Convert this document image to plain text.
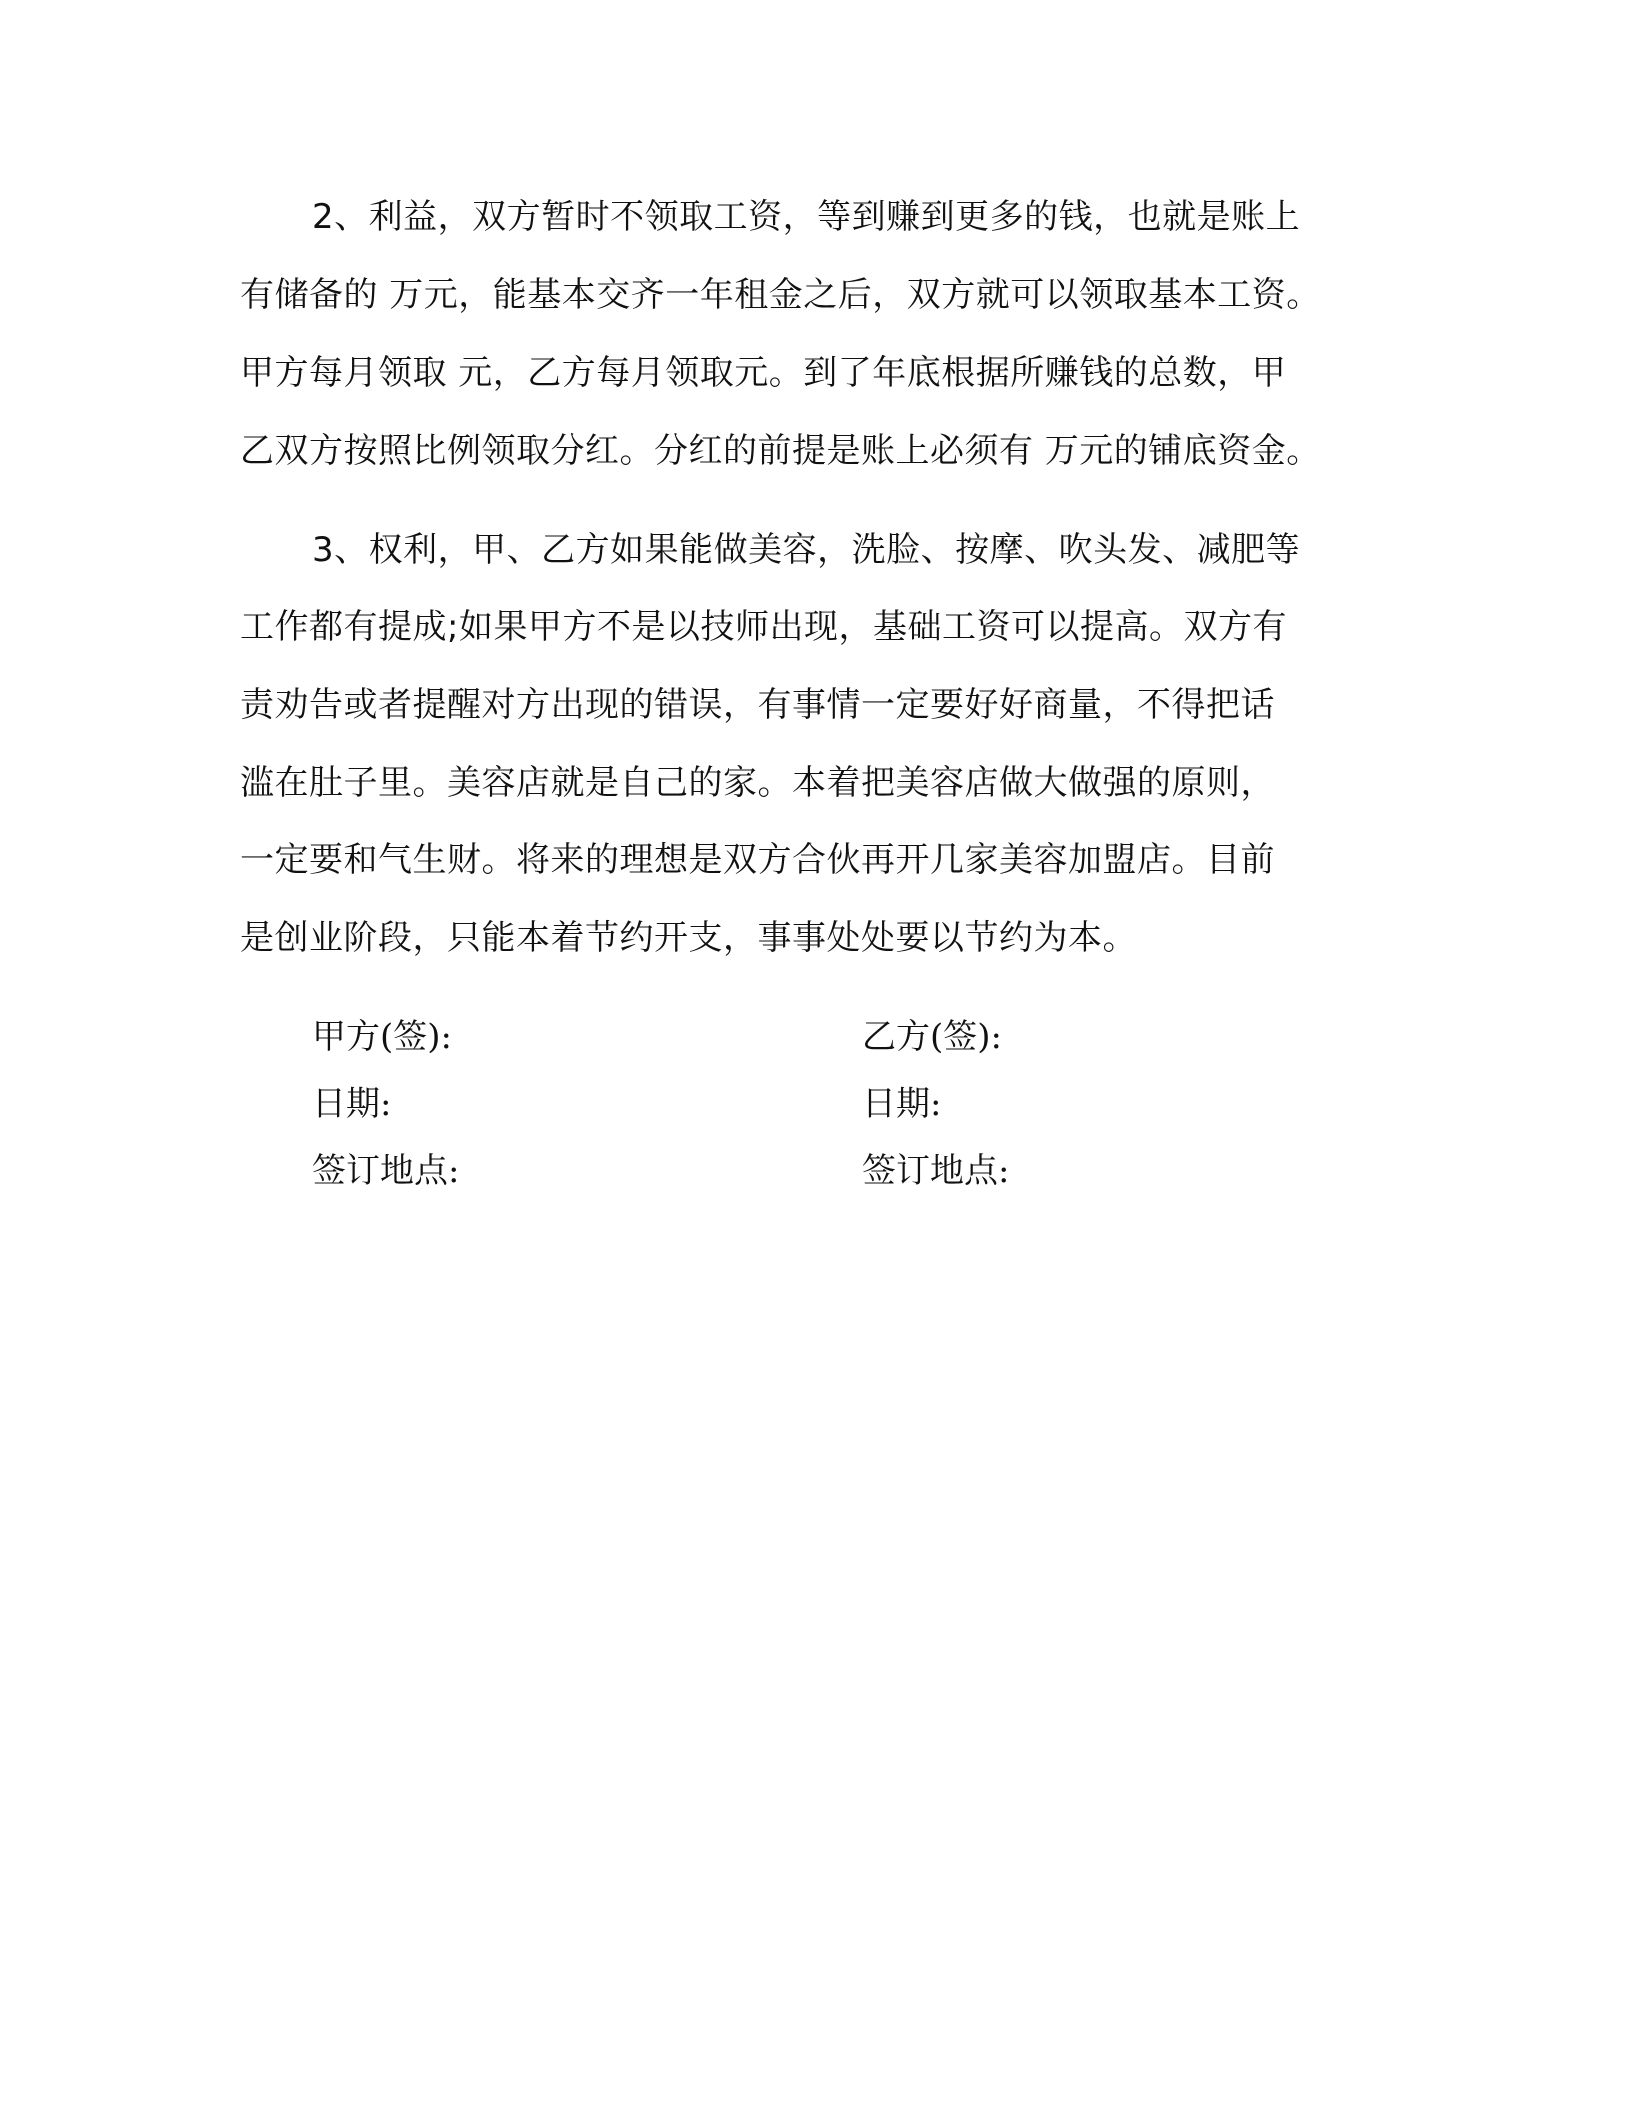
2、利益，双方暂时不领取工资，等到赚到更多的钱，也就是账上
有储备的 万元，能基本交齐一年租金之后，双方就可以领取基本工资。
甲方每月领取 元，乙方每月领取元。到了年底根据所赚钱的总数，甲
乙双方按照比例领取分红。分红的前提是账上必须有 万元的铺底资金。
3、权利，甲、乙方如果能做美容，洗脸、按摩、吹头发、减肥等
工作都有提成;如果甲方不是以技师出现，基础工资可以提高。双方有
责劝告或者提醒对方出现的错误，有事情一定要好好商量，不得把话
滥在肚子里。美容店就是自己的家。本着把美容店做大做强的原则，
一定要和气生财。将来的理想是双方合伙再开几家美容加盟店。目前
是创业阶段，只能本着节约开支，事事处处要以节约为本。
甲方(签):	乙方(签):
日期:	日期:
签订地点:	签订地点:
